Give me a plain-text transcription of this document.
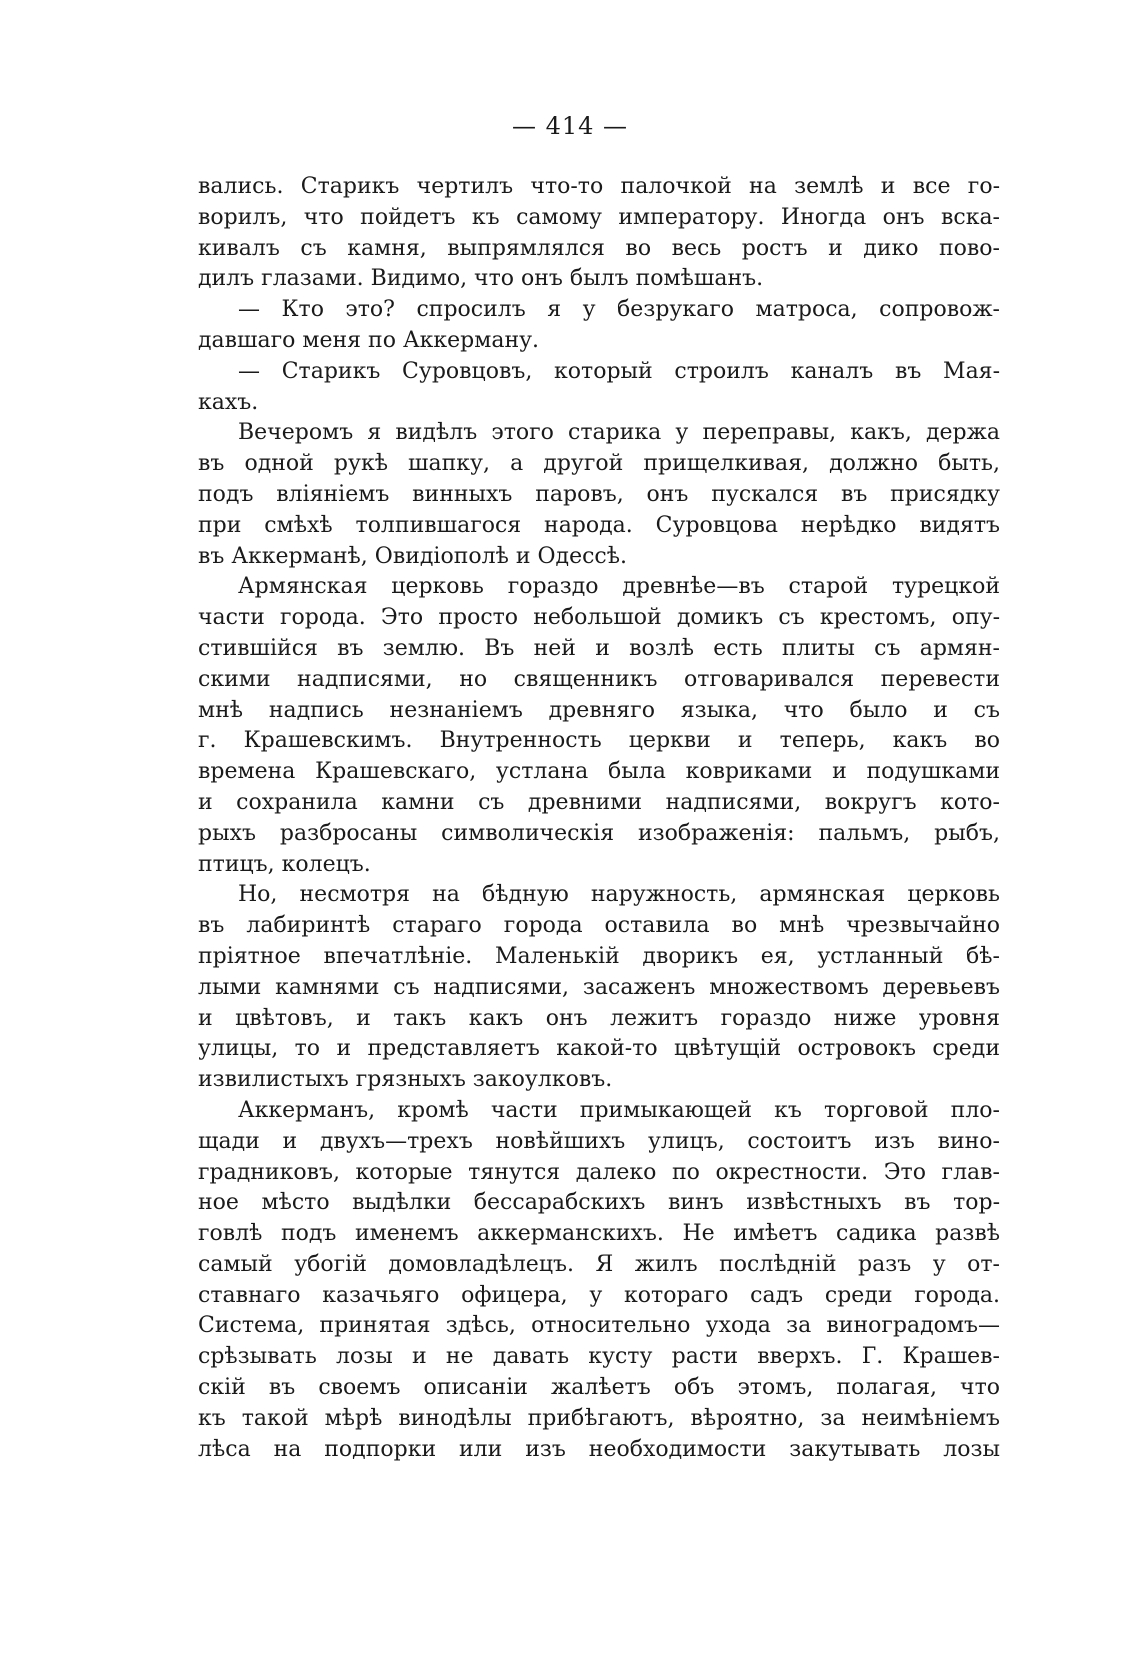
— 414 —
вались. Старикъ чертилъ что-то палочкой на землѣ и все го-
ворилъ, что пойдетъ къ самому императору. Иногда онъ вска-
кивалъ съ камня, выпрямлялся во весь ростъ и дико пово-
дилъ глазами. Видимо, что онъ былъ помѣшанъ.
— Кто это? спросилъ я у безрукаго матроса, сопровож-
давшаго меня по Аккерману.
— Старикъ Суровцовъ, который строилъ каналъ въ Мая-
кахъ.
Вечеромъ я видѣлъ этого старика у переправы, какъ, держа
въ одной рукѣ шапку, а другой прищелкивая, должно быть,
подъ вліяніемъ винныхъ паровъ, онъ пускался въ присядку
при смѣхѣ толпившагося народа. Суровцова нерѣдко видятъ
въ Аккерманѣ, Овидіополѣ и Одессѣ.
Армянская церковь гораздо древнѣе—въ старой турецкой
части города. Это просто небольшой домикъ съ крестомъ, опу-
стившійся въ землю. Въ ней и возлѣ есть плиты съ армян-
скими надписями, но священникъ отговаривался перевести
мнѣ надпись незнаніемъ древняго языка, что было и съ
г. Крашевскимъ. Внутренность церкви и теперь, какъ во
времена Крашевскаго, устлана была ковриками и подушками
и сохранила камни съ древними надписями, вокругъ кото-
рыхъ разбросаны символическія изображенія: пальмъ, рыбъ,
птицъ, колецъ.
Но, несмотря на бѣдную наружность, армянская церковь
въ лабиринтѣ стараго города оставила во мнѣ чрезвычайно
пріятное впечатлѣніе. Маленькій дворикъ ея, устланный бѣ-
лыми камнями съ надписями, засаженъ множествомъ деревьевъ
и цвѣтовъ, и такъ какъ онъ лежитъ гораздо ниже уровня
улицы, то и представляетъ какой-то цвѣтущій островокъ среди
извилистыхъ грязныхъ закоулковъ.
Аккерманъ, кромѣ части примыкающей къ торговой пло-
щади и двухъ—трехъ новѣйшихъ улицъ, состоитъ изъ вино-
градниковъ, которые тянутся далеко по окрестности. Это глав-
ное мѣсто выдѣлки бессарабскихъ винъ извѣстныхъ въ тор-
говлѣ подъ именемъ аккерманскихъ. Не имѣетъ садика развѣ
самый убогій домовладѣлецъ. Я жилъ послѣдній разъ у от-
ставнаго казачьяго офицера, у котораго садъ среди города.
Система, принятая здѣсь, относительно ухода за виноградомъ—
срѣзывать лозы и не давать кусту расти вверхъ. Г. Крашев-
скій въ своемъ описаніи жалѣетъ объ этомъ, полагая, что
къ такой мѣрѣ винодѣлы прибѣгаютъ, вѣроятно, за неимѣніемъ
лѣса на подпорки или изъ необходимости закутывать лозы
